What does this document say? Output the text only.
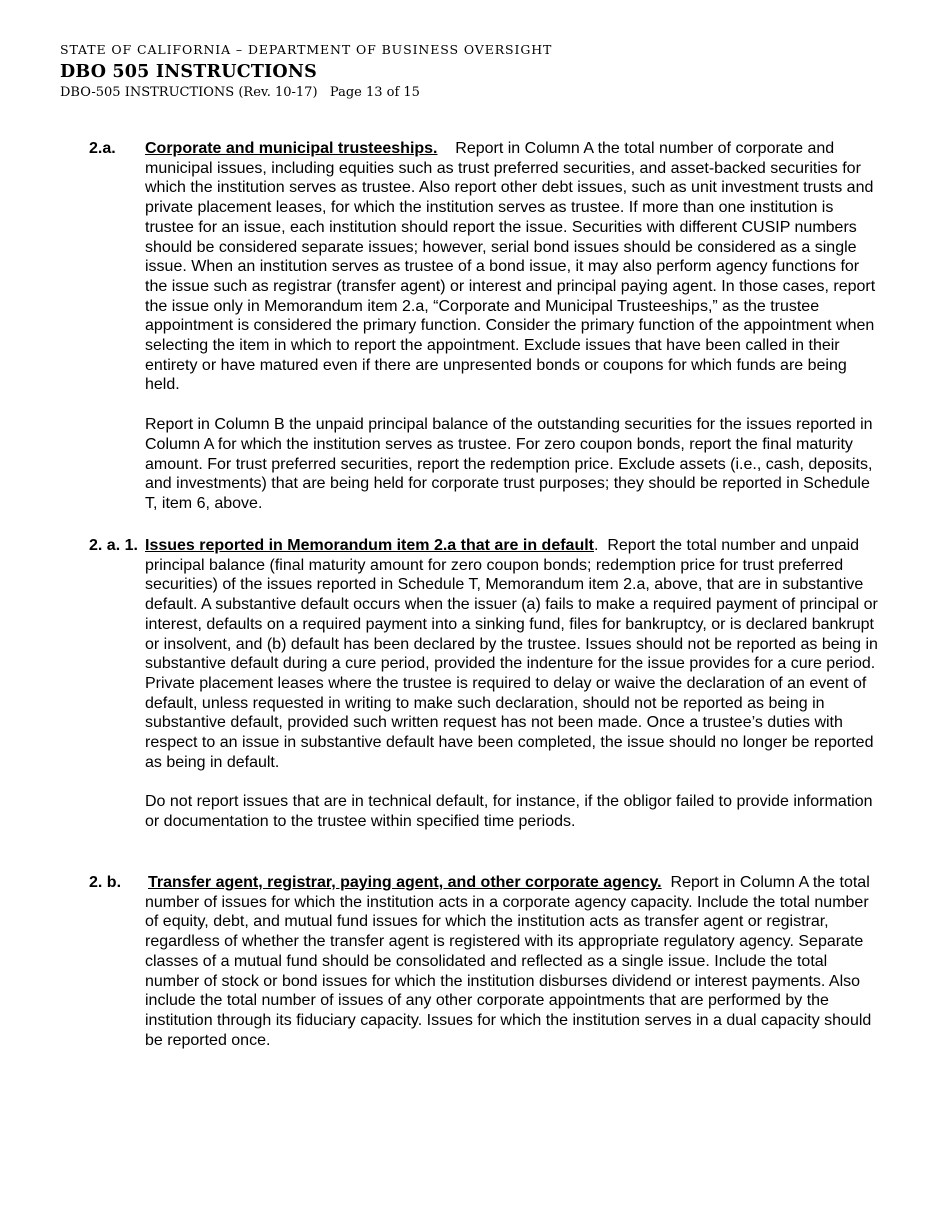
STATE OF CALIFORNIA – DEPARTMENT OF BUSINESS OVERSIGHT
DBO 505 INSTRUCTIONS
DBO-505 INSTRUCTIONS (Rev. 10-17)   Page 13 of 15
2.a. Corporate and municipal trusteeships. Report in Column A the total number of corporate and municipal issues, including equities such as trust preferred securities, and asset-backed securities for which the institution serves as trustee. Also report other debt issues, such as unit investment trusts and private placement leases, for which the institution serves as trustee. If more than one institution is trustee for an issue, each institution should report the issue. Securities with different CUSIP numbers should be considered separate issues; however, serial bond issues should be considered as a single issue. When an institution serves as trustee of a bond issue, it may also perform agency functions for the issue such as registrar (transfer agent) or interest and principal paying agent. In those cases, report the issue only in Memorandum item 2.a, “Corporate and Municipal Trusteeships,” as the trustee appointment is considered the primary function. Consider the primary function of the appointment when selecting the item in which to report the appointment. Exclude issues that have been called in their entirety or have matured even if there are unpresented bonds or coupons for which funds are being held.

Report in Column B the unpaid principal balance of the outstanding securities for the issues reported in Column A for which the institution serves as trustee. For zero coupon bonds, report the final maturity amount. For trust preferred securities, report the redemption price. Exclude assets (i.e., cash, deposits, and investments) that are being held for corporate trust purposes; they should be reported in Schedule T, item 6, above.

2. a. 1. Issues reported in Memorandum item 2.a that are in default.  Report the total number and unpaid principal balance (final maturity amount for zero coupon bonds; redemption price for trust preferred securities) of the issues reported in Schedule T, Memorandum item 2.a, above, that are in substantive default. A substantive default occurs when the issuer (a) fails to make a required payment of principal or interest, defaults on a required payment into a sinking fund, files for bankruptcy, or is declared bankrupt or insolvent, and (b) default has been declared by the trustee. Issues should not be reported as being in substantive default during a cure period, provided the indenture for the issue provides for a cure period. Private placement leases where the trustee is required to delay or waive the declaration of an event of default, unless requested in writing to make such declaration, should not be reported as being in substantive default, provided such written request has not been made. Once a trustee’s duties with respect to an issue in substantive default have been completed, the issue should no longer be reported as being in default.

Do not report issues that are in technical default, for instance, if the obligor failed to provide information or documentation to the trustee within specified time periods.

2. b. Transfer agent, registrar, paying agent, and other corporate agency. Report in Column A the total number of issues for which the institution acts in a corporate agency capacity. Include the total number of equity, debt, and mutual fund issues for which the institution acts as transfer agent or registrar, regardless of whether the transfer agent is registered with its appropriate regulatory agency. Separate classes of a mutual fund should be consolidated and reflected as a single issue. Include the total number of stock or bond issues for which the institution disburses dividend or interest payments. Also include the total number of issues of any other corporate appointments that are performed by the institution through its fiduciary capacity. Issues for which the institution serves in a dual capacity should be reported once.
